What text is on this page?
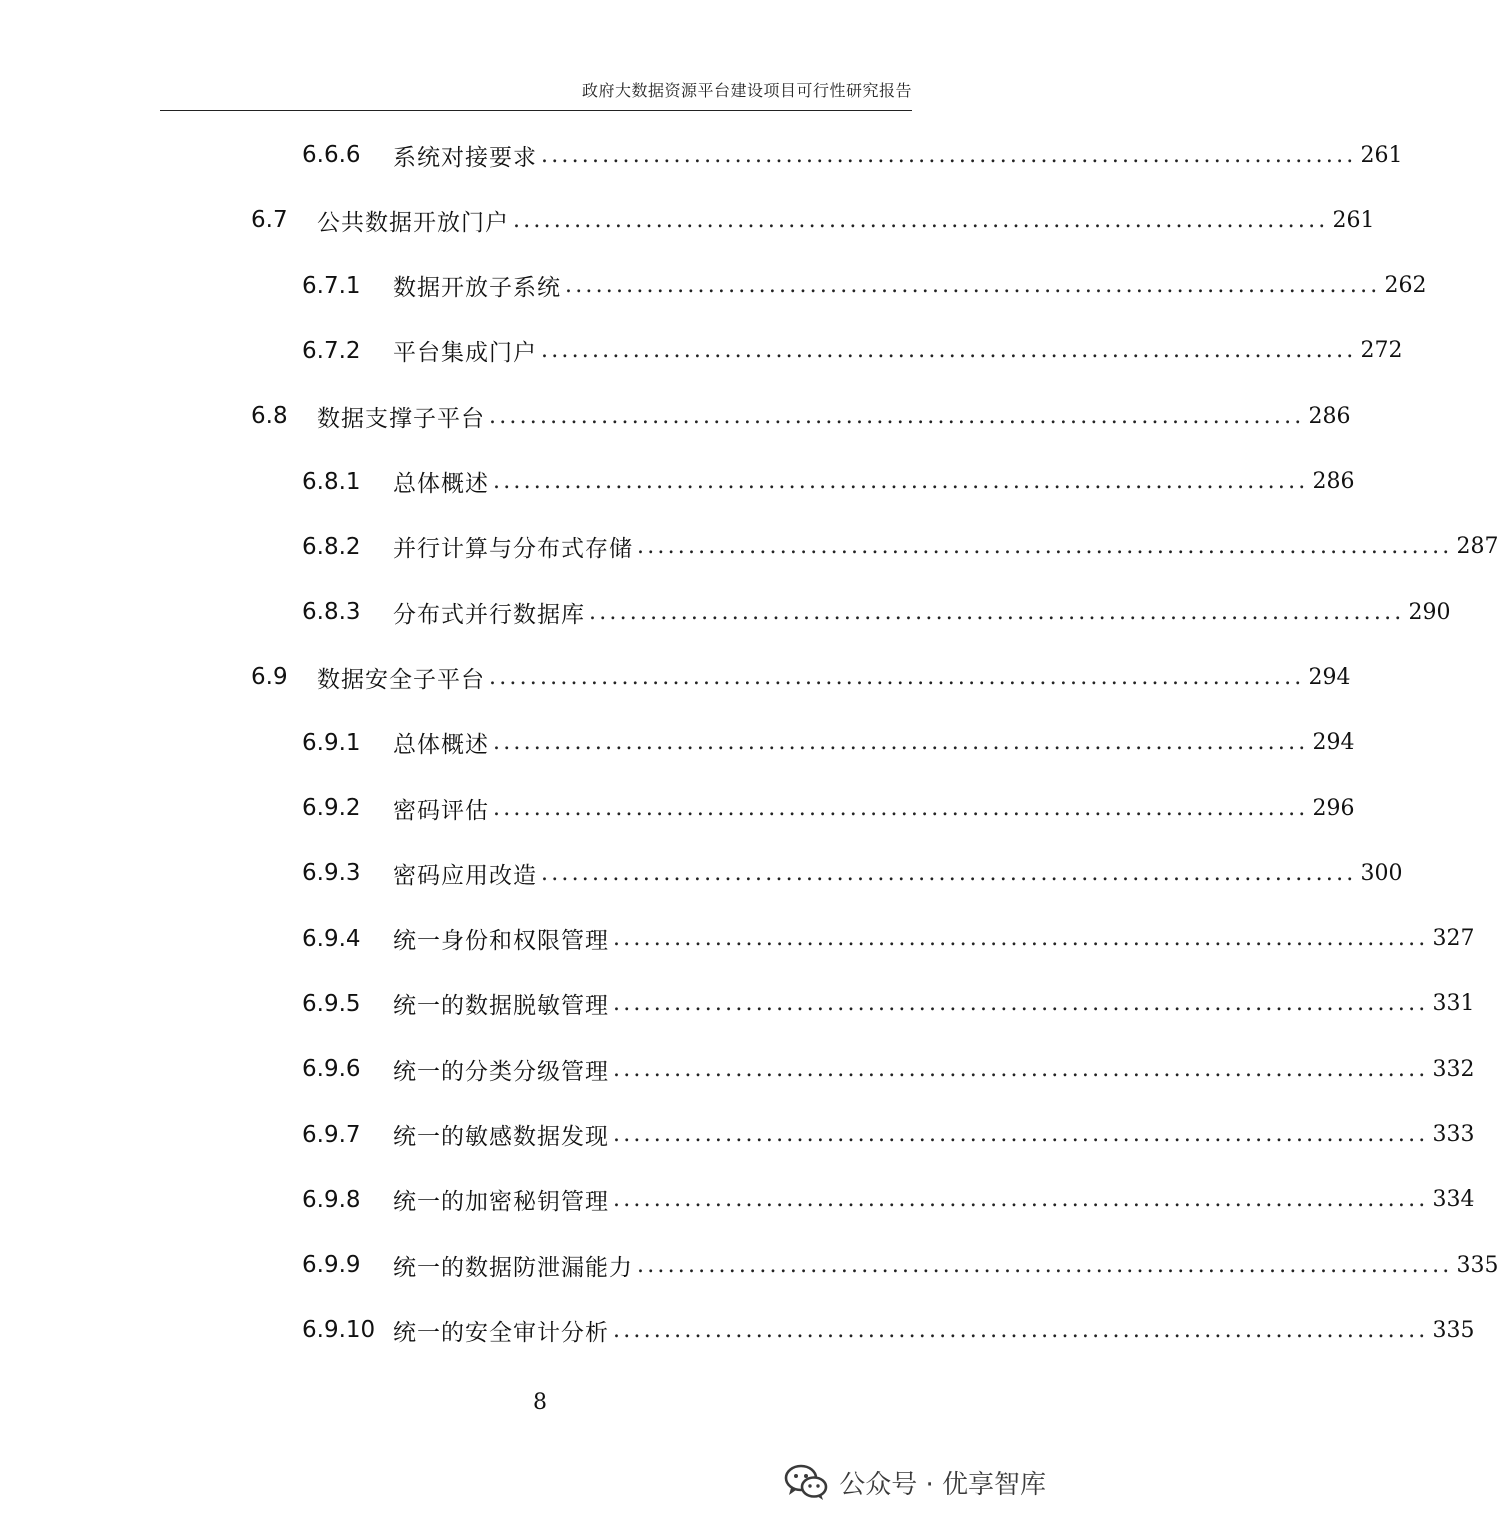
政府大数据资源平台建设项目可行性研究报告
6.6.6	系统对接要求 ................................................................................ 261
6.7	公共数据开放门户 ................................................................................ 261
6.7.1	数据开放子系统 ................................................................................ 262
6.7.2	平台集成门户 ................................................................................ 272
6.8	数据支撑子平台 ................................................................................ 286
6.8.1	总体概述 ................................................................................ 286
6.8.2	并行计算与分布式存储 ................................................................................ 287
6.8.3	分布式并行数据库 ................................................................................ 290
6.9	数据安全子平台 ................................................................................ 294
6.9.1	总体概述 ................................................................................ 294
6.9.2	密码评估 ................................................................................ 296
6.9.3	密码应用改造 ................................................................................ 300
6.9.4	统一身份和权限管理 ................................................................................ 327
6.9.5	统一的数据脱敏管理 ................................................................................ 331
6.9.6	统一的分类分级管理 ................................................................................ 332
6.9.7	统一的敏感数据发现 ................................................................................ 333
6.9.8	统一的加密秘钥管理 ................................................................................ 334
6.9.9	统一的数据防泄漏能力 ................................................................................ 335
6.9.10 统一的安全审计分析 ................................................................................ 335
8
公众号 · 优享智库
